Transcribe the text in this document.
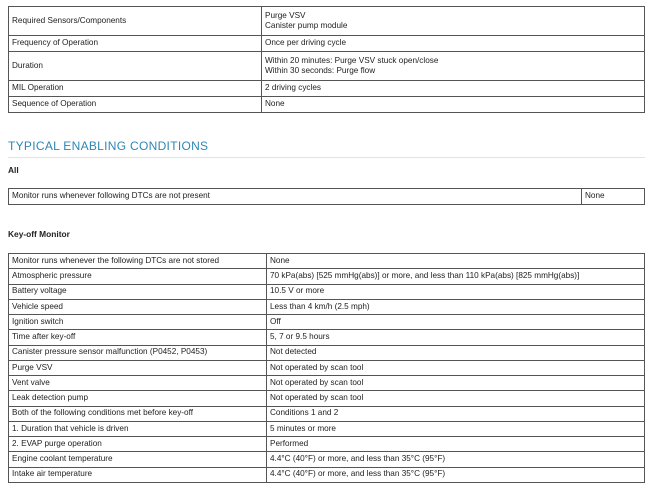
Required Sensors/Components	Purge VSV
Canister pump module
Frequency of Operation	Once per driving cycle
Duration	Within 20 minutes: Purge VSV stuck open/close
Within 30 seconds: Purge flow
MIL Operation	2 driving cycles
Sequence of Operation	None
TYPICAL ENABLING CONDITIONS
All
Monitor runs whenever following DTCs are not present	None
Key-off Monitor
Monitor runs whenever the following DTCs are not stored	None
Atmospheric pressure	70 kPa(abs) [525 mmHg(abs)] or more, and less than 110 kPa(abs) [825 mmHg(abs)]
Battery voltage	10.5 V or more
Vehicle speed	Less than 4 km/h (2.5 mph)
Ignition switch	Off
Time after key-off	5, 7 or 9.5 hours
Canister pressure sensor malfunction (P0452, P0453)	Not detected
Purge VSV	Not operated by scan tool
Vent valve	Not operated by scan tool
Leak detection pump	Not operated by scan tool
Both of the following conditions met before key-off	Conditions 1 and 2
1. Duration that vehicle is driven	5 minutes or more
2. EVAP purge operation	Performed
Engine coolant temperature	4.4°C (40°F) or more, and less than 35°C (95°F)
Intake air temperature	4.4°C (40°F) or more, and less than 35°C (95°F)
